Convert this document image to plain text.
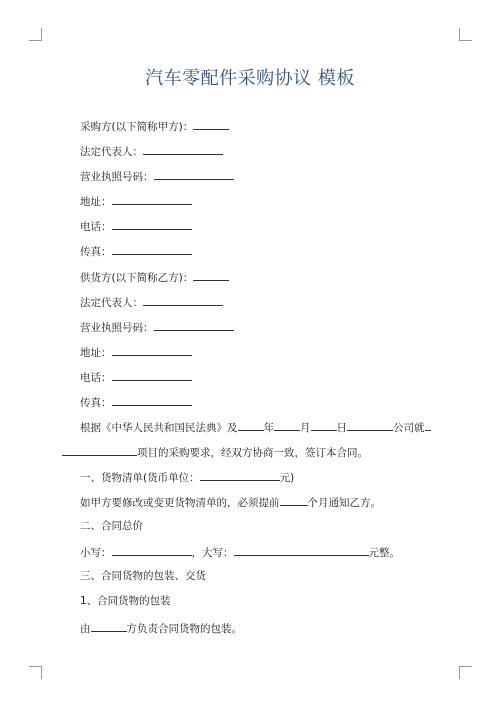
汽车零配件采购协议 模板
采购方(以下简称甲方)：
法定代表人：
营业执照号码：
地址：
电话：
传真：
供货方(以下简称乙方)：
法定代表人：
营业执照号码：
地址：
电话：
传真：
根据《中华人民共和国民法典》及 年 月 日	公司就
项目的采购要求，经双方协商一致，签订本合同。
一、货物清单(货币单位：	元)
如甲方要修改或变更货物清单的，必须提前	个月通知乙方。
二、合同总价
小写：	，大写：	元整。
三、合同货物的包装、交货
1、合同货物的包装
由	方负责合同货物的包装。
